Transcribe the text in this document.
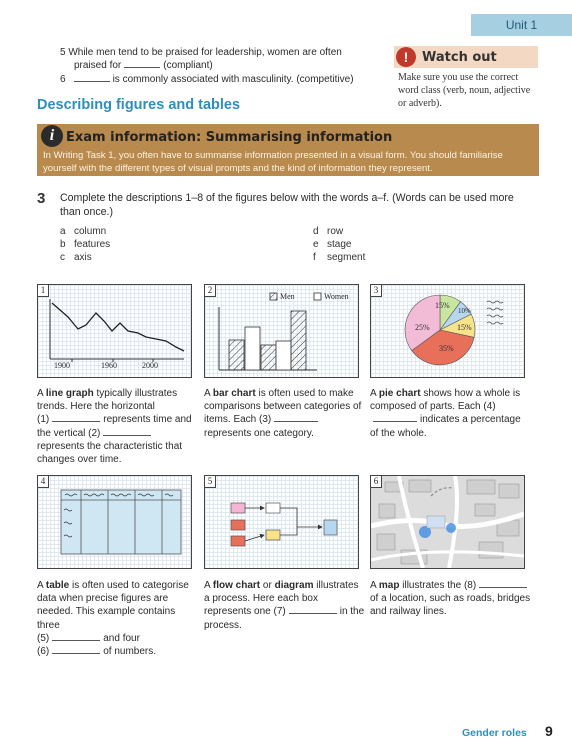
Unit 1
5 While men tend to be praised for leadership, women are often
praised for	(compliant)
6	is commonly associated with masculinity. (competitive)
!	Watch out
Make sure you use the correct word class (verb, noun, adjective or adverb).
Describing figures and tables
i Exam information: Summarising information
In Writing Task 1, you often have to summarise information presented in a visual form. You should familiarise yourself with the different types of visual prompts and the kind of information they represent.
3 Complete the descriptions 1–8 of the figures below with the words a–f. (Words can be used more than once.)
a column
b features
c axis
d row
e stage
f segment
1
1900	1960	2000
2
Men	Women
3
15%
10%
15%
35%
25%
A line graph typically illustrates trends. Here the horizontal
(1)	represents time and the vertical (2)represents the characteristic that changes over time.
A bar chart is often used to make comparisons between categories of items. Each (3)represents one category.
A pie chart shows how a whole is composed of parts. Each (4)indicates a percentage of the whole.
4	5	6
A table is often used to categorise data when precise figures are needed. This example contains three
(5)	and four
(6)	of numbers.
A flow chart or diagram illustrates a process. Here each box represents one (7)	in the process.
A map illustrates the (8)of a location, such as roads, bridges and railway lines.
Gender roles 9
